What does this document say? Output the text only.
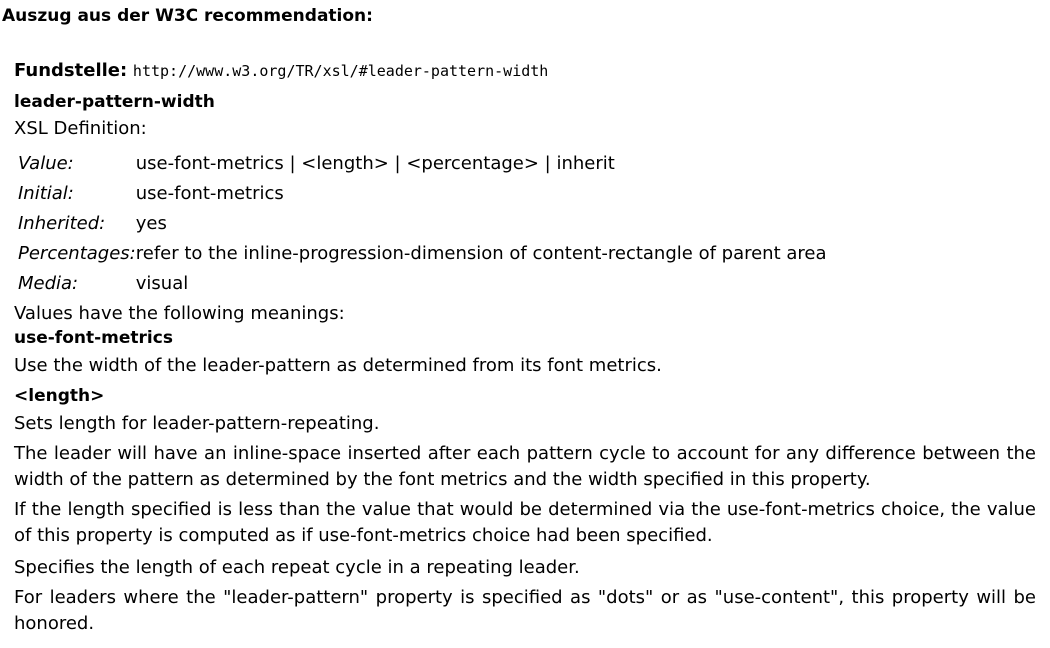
Auszug aus der W3C recommendation:
Fundstelle: http://www.w3.org/TR/xsl/#leader-pattern-width
leader-pattern-width
XSL Definition:
Value:	use-font-metrics | <length> | <percentage> | inherit
Initial:	use-font-metrics
Inherited:	yes
Percentages:	refer to the inline-progression-dimension of content-rectangle of parent area
Media:	visual
Values have the following meanings:
use-font-metrics
Use the width of the leader-pattern as determined from its font metrics.
<length>
Sets length for leader-pattern-repeating.
The leader will have an inline-space inserted after each pattern cycle to account for any difference between the width of the pattern as determined by the font metrics and the width specified in this property.
If the length specified is less than the value that would be determined via the use-font-metrics choice, the value of this property is computed as if use-font-metrics choice had been specified.
Specifies the length of each repeat cycle in a repeating leader.
For leaders where the "leader-pattern" property is specified as "dots" or as "use-content", this property will be honored.
